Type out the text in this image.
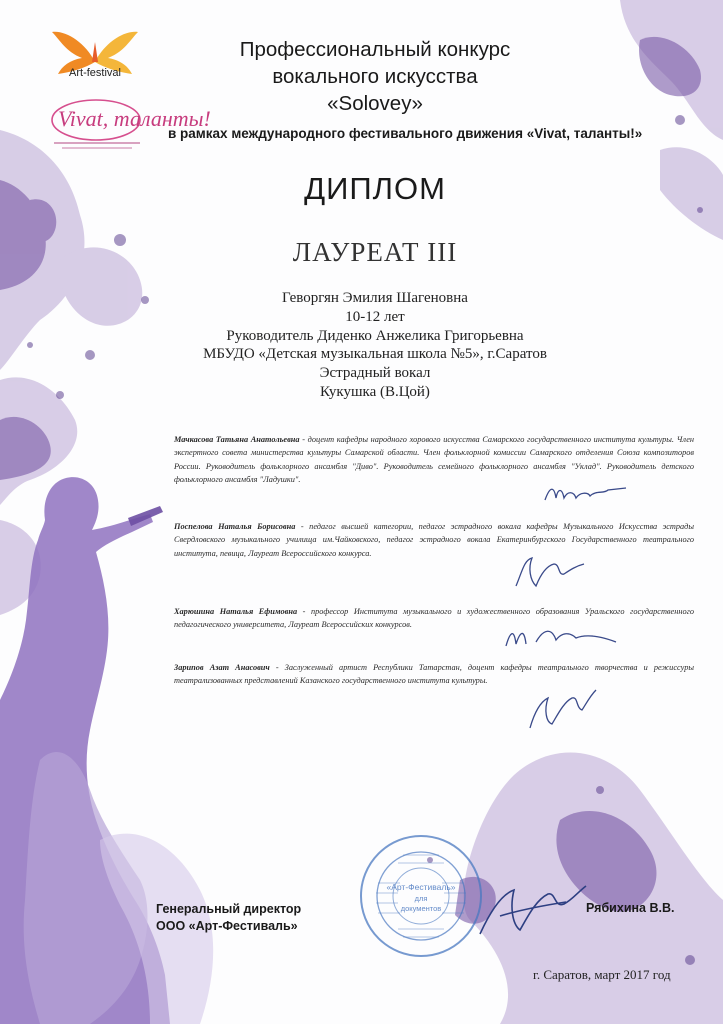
Art-festival
Vivat, таланты!
Профессиональный конкурс
вокального искусства
«Solovey»
в рамках международного фестивального движения «Vivat, таланты!»
ДИПЛОМ
ЛАУРЕАТ III
Геворгян Эмилия Шагеновна
10-12 лет
Руководитель Диденко Анжелика Григорьевна
МБУДО «Детская музыкальная школа №5», г.Саратов
Эстрадный вокал
Кукушка (В.Цой)
Мачкасова Татьяна Анатольевна - доцент кафедры народного хорового искусства Самарского государственного института культуры. Член экспертного совета министерства культуры Самарской области. Член фольклорной комиссии Самарского отделения Союза композиторов России. Руководитель фольклорного ансамбля "Диво". Руководитель семейного фольклорного ансамбля "Уклад". Руководитель детского фольклорного ансамбля "Ладушки".
Поспелова Наталья Борисовна - педагог высшей категории, педагог эстрадного вокала кафедры Музыкального Искусства эстрады Свердловского музыкального училища им.Чайковского, педагог эстрадного вокала Екатеринбургского Государственного театрального института, певица, Лауреат Всероссийского конкурса.
Харюшина Наталья Ефимовна - профессор Института музыкального и художественного образования Уральского государственного педагогического университета, Лауреат Всероссийских конкурсов.
Зарипов Азат Анасович - Заслуженный артист Республики Татарстан, доцент кафедры театрального творчества и режиссуры театрализованных представлений Казанского государственного института культуры.
«Арт-Фестиваль»
для
документов
Генеральный директор
ООО «Арт-Фестиваль»
Рябихина В.В.
г. Саратов, март 2017 год
